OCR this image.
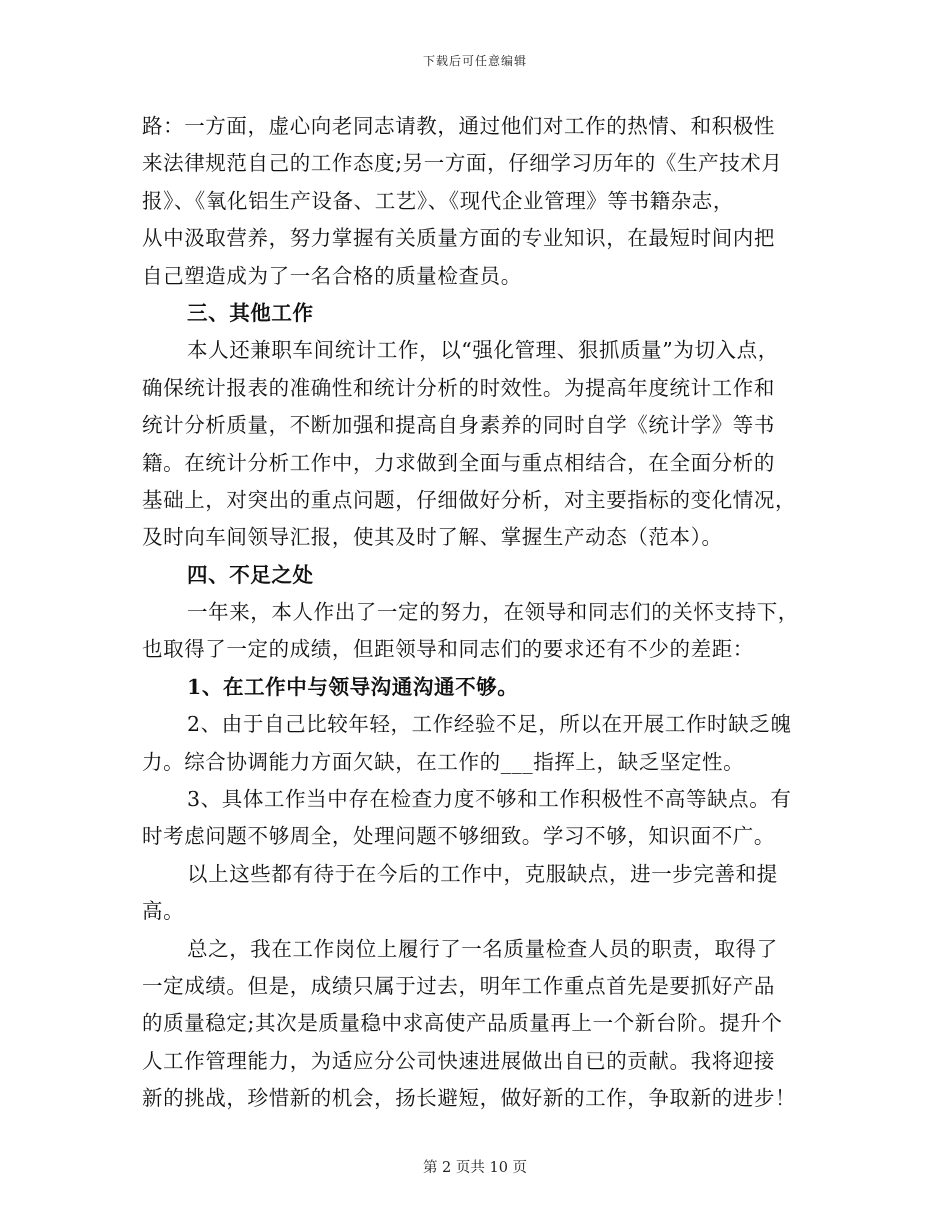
下载后可任意编辑
路：一方面，虚心向老同志请教，通过他们对工作的热情、和积极性
来法律规范自己的工作态度;另一方面，仔细学习历年的《生产技术月
报》、《氧化铝生产设备、工艺》、《现代企业管理》等书籍杂志，
从中汲取营养，努力掌握有关质量方面的专业知识，在最短时间内把
自己塑造成为了一名合格的质量检查员。
三、其他工作
本人还兼职车间统计工作，以“强化管理、狠抓质量”为切入点，
确保统计报表的准确性和统计分析的时效性。为提高年度统计工作和
统计分析质量，不断加强和提高自身素养的同时自学《统计学》等书
籍。在统计分析工作中，力求做到全面与重点相结合，在全面分析的
基础上，对突出的重点问题，仔细做好分析，对主要指标的变化情况，
及时向车间领导汇报，使其及时了解、掌握生产动态（范本）。
四、不足之处
一年来，本人作出了一定的努力，在领导和同志们的关怀支持下，
也取得了一定的成绩，但距领导和同志们的要求还有不少的差距：
1、在工作中与领导沟通沟通不够。
2、由于自己比较年轻，工作经验不足，所以在开展工作时缺乏魄
力。综合协调能力方面欠缺，在工作的___指挥上，缺乏坚定性。
3、具体工作当中存在检查力度不够和工作积极性不高等缺点。有
时考虑问题不够周全，处理问题不够细致。学习不够，知识面不广。
以上这些都有待于在今后的工作中，克服缺点，进一步完善和提
高。
总之，我在工作岗位上履行了一名质量检查人员的职责，取得了
一定成绩。但是，成绩只属于过去，明年工作重点首先是要抓好产品
的质量稳定;其次是质量稳中求高使产品质量再上一个新台阶。提升个
人工作管理能力，为适应分公司快速进展做出自已的贡献。我将迎接
新的挑战，珍惜新的机会，扬长避短，做好新的工作，争取新的进步！
第 2 页共 10 页
